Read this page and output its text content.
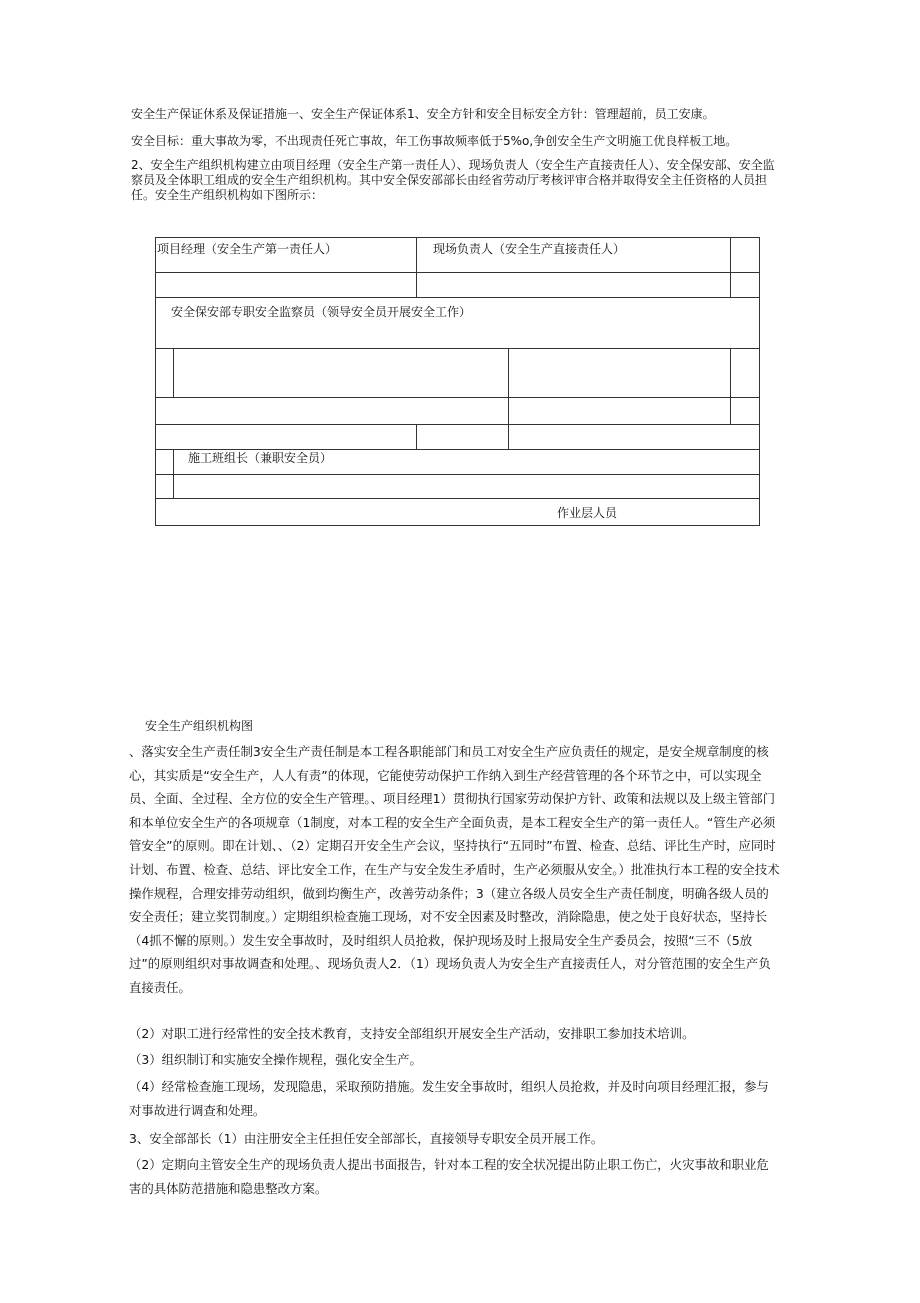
安全生产保证休系及保证措施一、安全生产保证体系1、安全方针和安全目标安全方针：管理超前，员工安康。

安全目标：重大事故为零，不出现责任死亡事故，年工伤事故频率低于5%o,争创安全生产文明施工优良样板工地。

2、安全生产组织机构建立由项目经理（安全生产第一责任人）、现场负责人（安全生产直接责任人）、安全保安部、安全监察员及全体职工组成的安全生产组织机构。其中安全保安部部长由经省劳动厅考核评审合格并取得安全主任资格的人员担任。安全生产组织机构如下图所示：

项目经理（安全生产第一责任人）	现场负责人（安全生产直接责任人）
安全保安部专职安全监察员（领导安全员开展安全工作）
施工班组长（兼职安全员）
作业层人员

安全生产组织机构图

、落实安全生产责任制3安全生产责任制是本工程各职能部门和员工对安全生产应负责任的规定，是安全规章制度的核心，其实质是“安全生产，人人有责”的体现，它能使劳动保护工作纳入到生产经营管理的各个环节之中，可以实现全员、全面、全过程、全方位的安全生产管理。、项目经理1）贯彻执行国家劳动保护方针、政策和法规以及上级主管部门和本单位安全生产的各项规章（1制度，对本工程的安全生产全面负责，是本工程安全生产的第一责任人。“管生产必须管安全”的原则。即在计划、、（2）定期召开安全生产会议，坚持执行“五同时”布置、检查、总结、评比生产时，应同时计划、布置、检查、总结、评比安全工作，在生产与安全发生矛盾时，生产必须服从安全。）批准执行本工程的安全技术操作规程，合理安排劳动组织，做到均衡生产，改善劳动条件；3（建立各级人员安全生产责任制度，明确各级人员的安全责任；建立奖罚制度。）定期组织检查施工现场，对不安全因素及时整改，消除隐患，使之处于良好状态，坚持长（4抓不懈的原则。）发生安全事故时，及时组织人员抢救，保护现场及时上报局安全生产委员会，按照“三不（5放过”的原则组织对事故调查和处理。、现场负责人2．（1）现场负责人为安全生产直接责任人，对分管范围的安全生产负直接责任。

（2）对职工进行经常性的安全技术教育，支持安全部组织开展安全生产活动，安排职工参加技术培训。

（3）组织制订和实施安全操作规程，强化安全生产。

（4）经常检查施工现场，发现隐患，采取预防措施。发生安全事故时，组织人员抢救，并及时向项目经理汇报，参与对事故进行调查和处理。

3、安全部部长（1）由注册安全主任担任安全部部长，直接领导专职安全员开展工作。

（2）定期向主管安全生产的现场负责人提出书面报告，针对本工程的安全状况提出防止职工伤亡，火灾事故和职业危害的具体防范措施和隐患整改方案。
